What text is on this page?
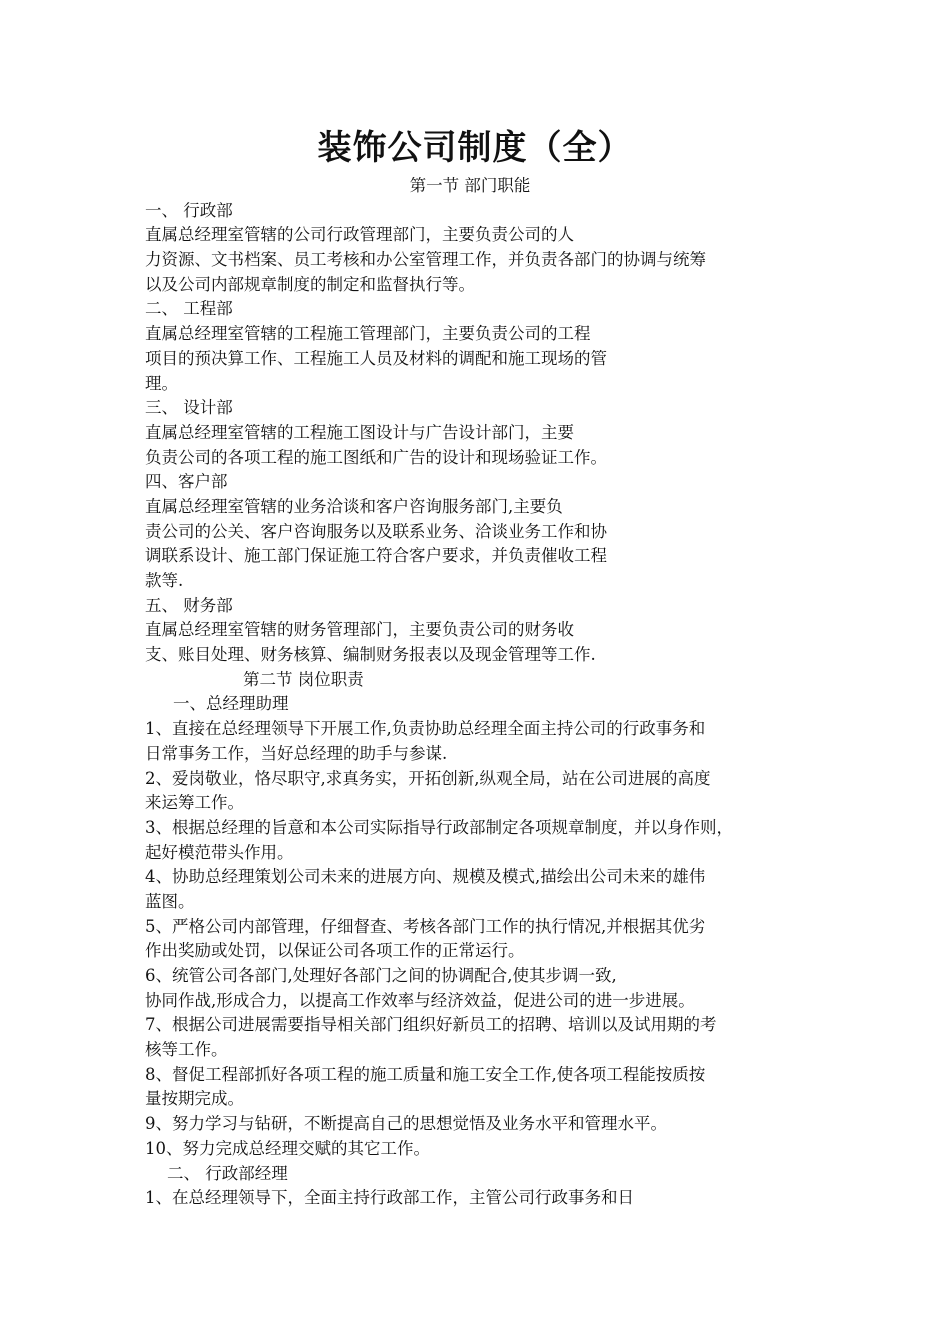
装饰公司制度（全）
第一节 部门职能
一、 行政部
直属总经理室管辖的公司行政管理部门，主要负责公司的人
力资源、文书档案、员工考核和办公室管理工作，并负责各部门的协调与统筹
以及公司内部规章制度的制定和监督执行等。
二、 工程部
直属总经理室管辖的工程施工管理部门，主要负责公司的工程
项目的预决算工作、工程施工人员及材料的调配和施工现场的管
理。
三、 设计部
直属总经理室管辖的工程施工图设计与广告设计部门，主要
负责公司的各项工程的施工图纸和广告的设计和现场验证工作。
四、客户部
直属总经理室管辖的业务洽谈和客户咨询服务部门,主要负
责公司的公关、客户咨询服务以及联系业务、洽谈业务工作和协
调联系设计、施工部门保证施工符合客户要求，并负责催收工程
款等.
五、 财务部
直属总经理室管辖的财务管理部门，主要负责公司的财务收
支、账目处理、财务核算、编制财务报表以及现金管理等工作.
第二节 岗位职责
一、总经理助理
1、直接在总经理领导下开展工作,负责协助总经理全面主持公司的行政事务和
日常事务工作，当好总经理的助手与参谋.
2、爱岗敬业，恪尽职守,求真务实，开拓创新,纵观全局，站在公司进展的高度
来运筹工作。
3、根据总经理的旨意和本公司实际指导行政部制定各项规章制度，并以身作则，
起好模范带头作用。
4、协助总经理策划公司未来的进展方向、规模及模式,描绘出公司未来的雄伟
蓝图。
5、严格公司内部管理，仔细督查、考核各部门工作的执行情况,并根据其优劣
作出奖励或处罚，以保证公司各项工作的正常运行。
6、统管公司各部门,处理好各部门之间的协调配合,使其步调一致,
协同作战,形成合力，以提高工作效率与经济效益，促进公司的进一步进展。
7、根据公司进展需要指导相关部门组织好新员工的招聘、培训以及试用期的考
核等工作。
8、督促工程部抓好各项工程的施工质量和施工安全工作,使各项工程能按质按
量按期完成。
9、努力学习与钻研，不断提高自己的思想觉悟及业务水平和管理水平。
10、努力完成总经理交赋的其它工作。
二、 行政部经理
1、在总经理领导下，全面主持行政部工作，主管公司行政事务和日
